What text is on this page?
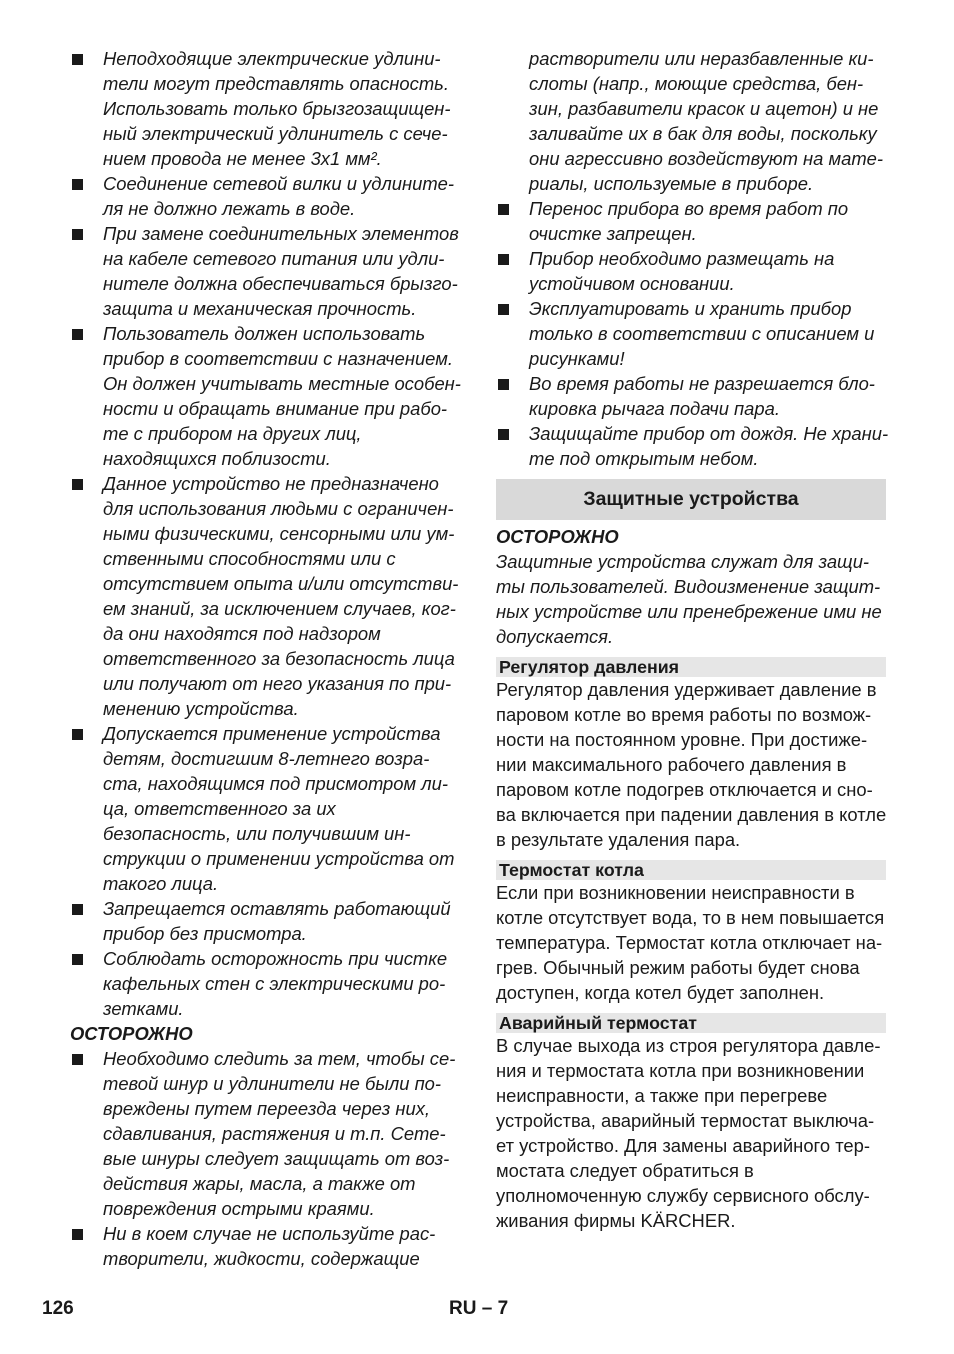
Неподходящие электрические удлини-
тели могут представлять опасность.
Использовать только брызгозащищен-
ный электрический удлинитель с сече-
нием провода не менее 3х1 мм².
Соединение сетевой вилки и удлините-
ля не должно лежать в воде.
При замене соединительных элементов
на кабеле сетевого питания или удли-
нителе должна обеспечиваться брызго-
защита и механическая прочность.
Пользователь должен использовать
прибор в соответствии с назначением.
Он должен учитывать местные особен-
ности и обращать внимание при рабо-
те с прибором на других лиц,
находящихся поблизости.
Данное устройство не предназначено
для использования людьми с ограничен-
ными физическими, сенсорными или ум-
ственными способностями или с
отсутствием опыта и/или отсутстви-
ем знаний, за исключением случаев, ког-
да они находятся под надзором
ответственного за безопасность лица
или получают от него указания по при-
менению устройства.
Допускается применение устройства
детям, достигшим 8-летнего возра-
ста, находящимся под присмотром ли-
ца, ответственного за их
безопасность, или получившим ин-
струкции о применении устройства от
такого лица.
Запрещается оставлять работающий
прибор без присмотра.
Соблюдать осторожность при чистке
кафельных стен с электрическими ро-
зетками.
ОСТОРОЖНО
Необходимо следить за тем, чтобы се-
тевой шнур и удлинители не были по-
вреждены путем переезда через них,
сдавливания, растяжения и т.п. Сете-
вые шнуры следует защищать от воз-
действия жары, масла, а также от
повреждения острыми краями.
Ни в коем случае не используйте рас-
творители, жидкости, содержащие
растворители или неразбавленные ки-
слоты (напр., моющие средства, бен-
зин, разбавители красок и ацетон) и не
заливайте их в бак для воды, поскольку
они агрессивно воздействуют на мате-
риалы, используемые в приборе.
Перенос прибора во время работ по
очистке запрещен.
Прибор необходимо размещать на
устойчивом основании.
Эксплуатировать и хранить прибор
только в соответствии с описанием и
рисунками!
Во время работы не разрешается бло-
кировка рычага подачи пара.
Защищайте прибор от дождя. Не храни-
те под открытым небом.
Защитные устройства
ОСТОРОЖНО
Защитные устройства служат для защи-
ты пользователей. Видоизменение защит-
ных устройстве или пренебрежение ими не
допускается.
Регулятор давления
Регулятор давления удерживает давление в
паровом котле во время работы по возмож-
ности на постоянном уровне. При достиже-
нии максимального рабочего давления в
паровом котле подогрев отключается и сно-
ва включается при падении давления в котле
в результате удаления пара.
Термостат котла
Если при возникновении неисправности в
котле отсутствует вода, то в нем повышается
температура. Термостат котла отключает на-
грев. Обычный режим работы будет снова
доступен, когда котел будет заполнен.
Аварийный термостат
В случае выхода из строя регулятора давле-
ния и термостата котла при возникновении
неисправности, а также при перегреве
устройства, аварийный термостат выключа-
ет устройство. Для замены аварийного тер-
мостата следует обратиться в
уполномоченную службу сервисного обслу-
живания фирмы KÄRCHER.
126	RU – 7
